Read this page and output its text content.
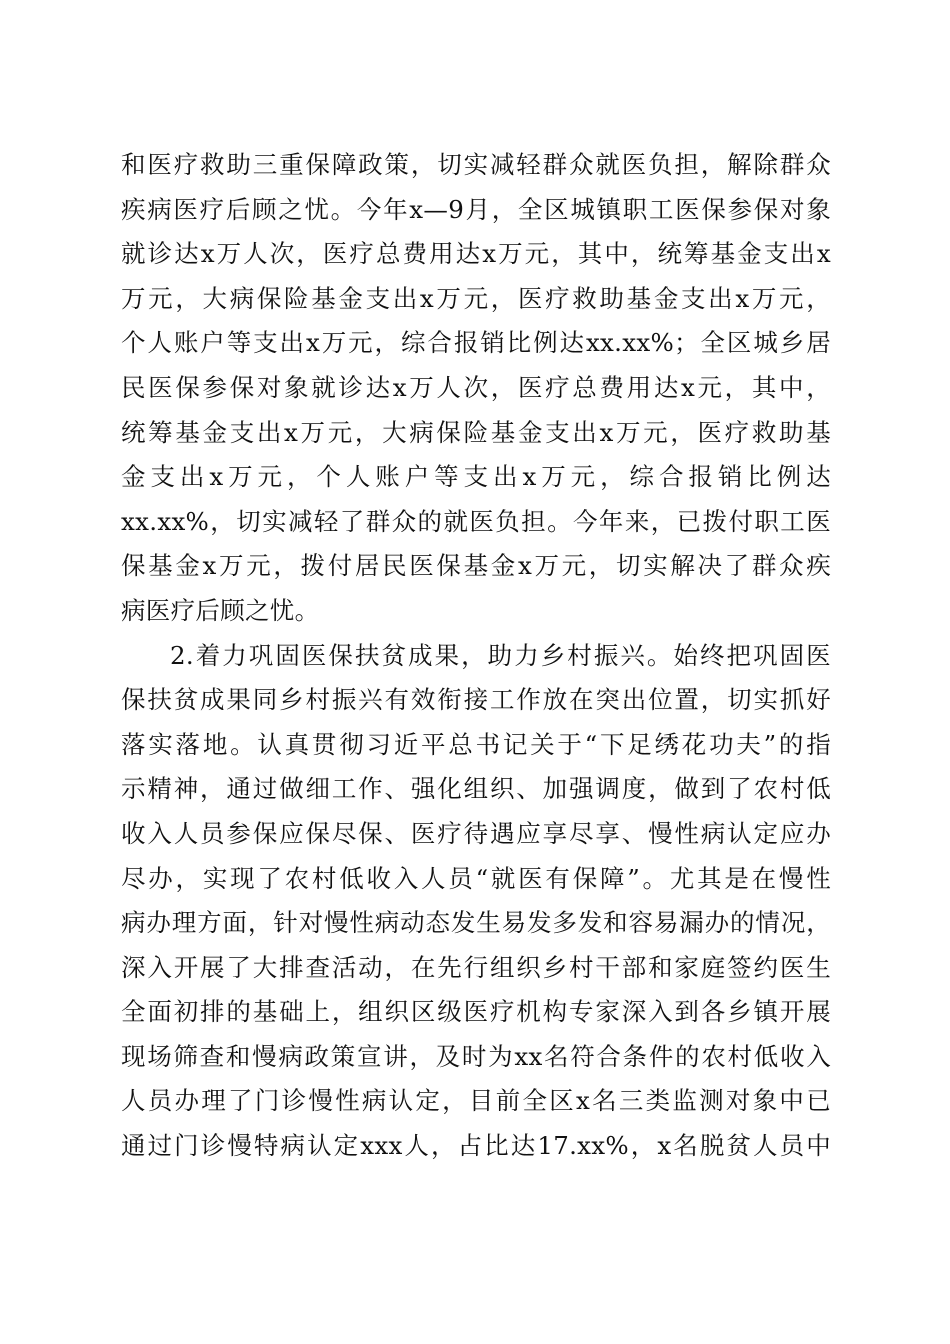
和医疗救助三重保障政策，切实减轻群众就医负担，解除群众
疾病医疗后顾之忧。今年x—9月，全区城镇职工医保参保对象
就诊达x万人次，医疗总费用达x万元，其中，统筹基金支出x
万元，大病保险基金支出x万元，医疗救助基金支出x万元，
个人账户等支出x万元，综合报销比例达xx.xx%；全区城乡居
民医保参保对象就诊达x万人次，医疗总费用达x元，其中，
统筹基金支出x万元，大病保险基金支出x万元，医疗救助基
金支出x万元，个人账户等支出x万元，综合报销比例达
xx.xx%，切实减轻了群众的就医负担。今年来，已拨付职工医
保基金x万元，拨付居民医保基金x万元，切实解决了群众疾
病医疗后顾之忧。
2.着力巩固医保扶贫成果，助力乡村振兴。始终把巩固医
保扶贫成果同乡村振兴有效衔接工作放在突出位置，切实抓好
落实落地。认真贯彻习近平总书记关于“下足绣花功夫”的指
示精神，通过做细工作、强化组织、加强调度，做到了农村低
收入人员参保应保尽保、医疗待遇应享尽享、慢性病认定应办
尽办，实现了农村低收入人员“就医有保障”。尤其是在慢性
病办理方面，针对慢性病动态发生易发多发和容易漏办的情况，
深入开展了大排查活动，在先行组织乡村干部和家庭签约医生
全面初排的基础上，组织区级医疗机构专家深入到各乡镇开展
现场筛查和慢病政策宣讲，及时为xx名符合条件的农村低收入
人员办理了门诊慢性病认定，目前全区x名三类监测对象中已
通过门诊慢特病认定xxx人，占比达17.xx%，x名脱贫人员中
